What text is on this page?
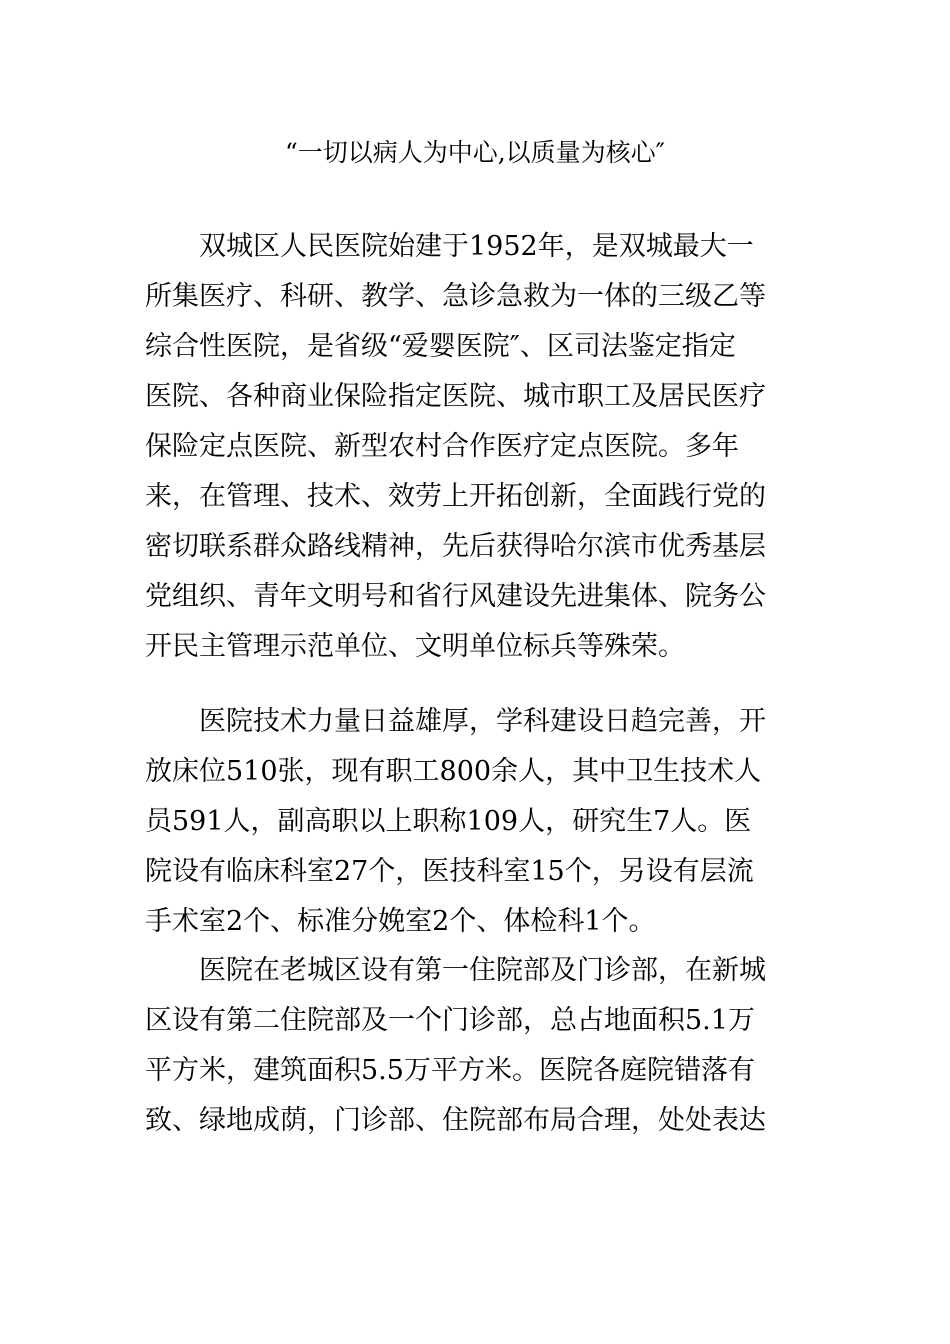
“一切以病人为中心,以质量为核心″

　　双城区人民医院始建于1952年，是双城最大一
所集医疗、科研、教学、急诊急救为一体的三级乙等
综合性医院，是省级“爱婴医院″、区司法鉴定指定
医院、各种商业保险指定医院、城市职工及居民医疗
保险定点医院、新型农村合作医疗定点医院。多年
来，在管理、技术、效劳上开拓创新，全面践行党的
密切联系群众路线精神，先后获得哈尔滨市优秀基层
党组织、青年文明号和省行风建设先进集体、院务公
开民主管理示范单位、文明单位标兵等殊荣。

　　医院技术力量日益雄厚，学科建设日趋完善，开
放床位510张，现有职工800余人，其中卫生技术人
员591人，副高职以上职称109人，研究生7人。医
院设有临床科室27个，医技科室15个，另设有层流
手术室2个、标准分娩室2个、体检科1个。

　　医院在老城区设有第一住院部及门诊部，在新城
区设有第二住院部及一个门诊部，总占地面积5.1万
平方米，建筑面积5.5万平方米。医院各庭院错落有
致、绿地成荫，门诊部、住院部布局合理，处处表达
